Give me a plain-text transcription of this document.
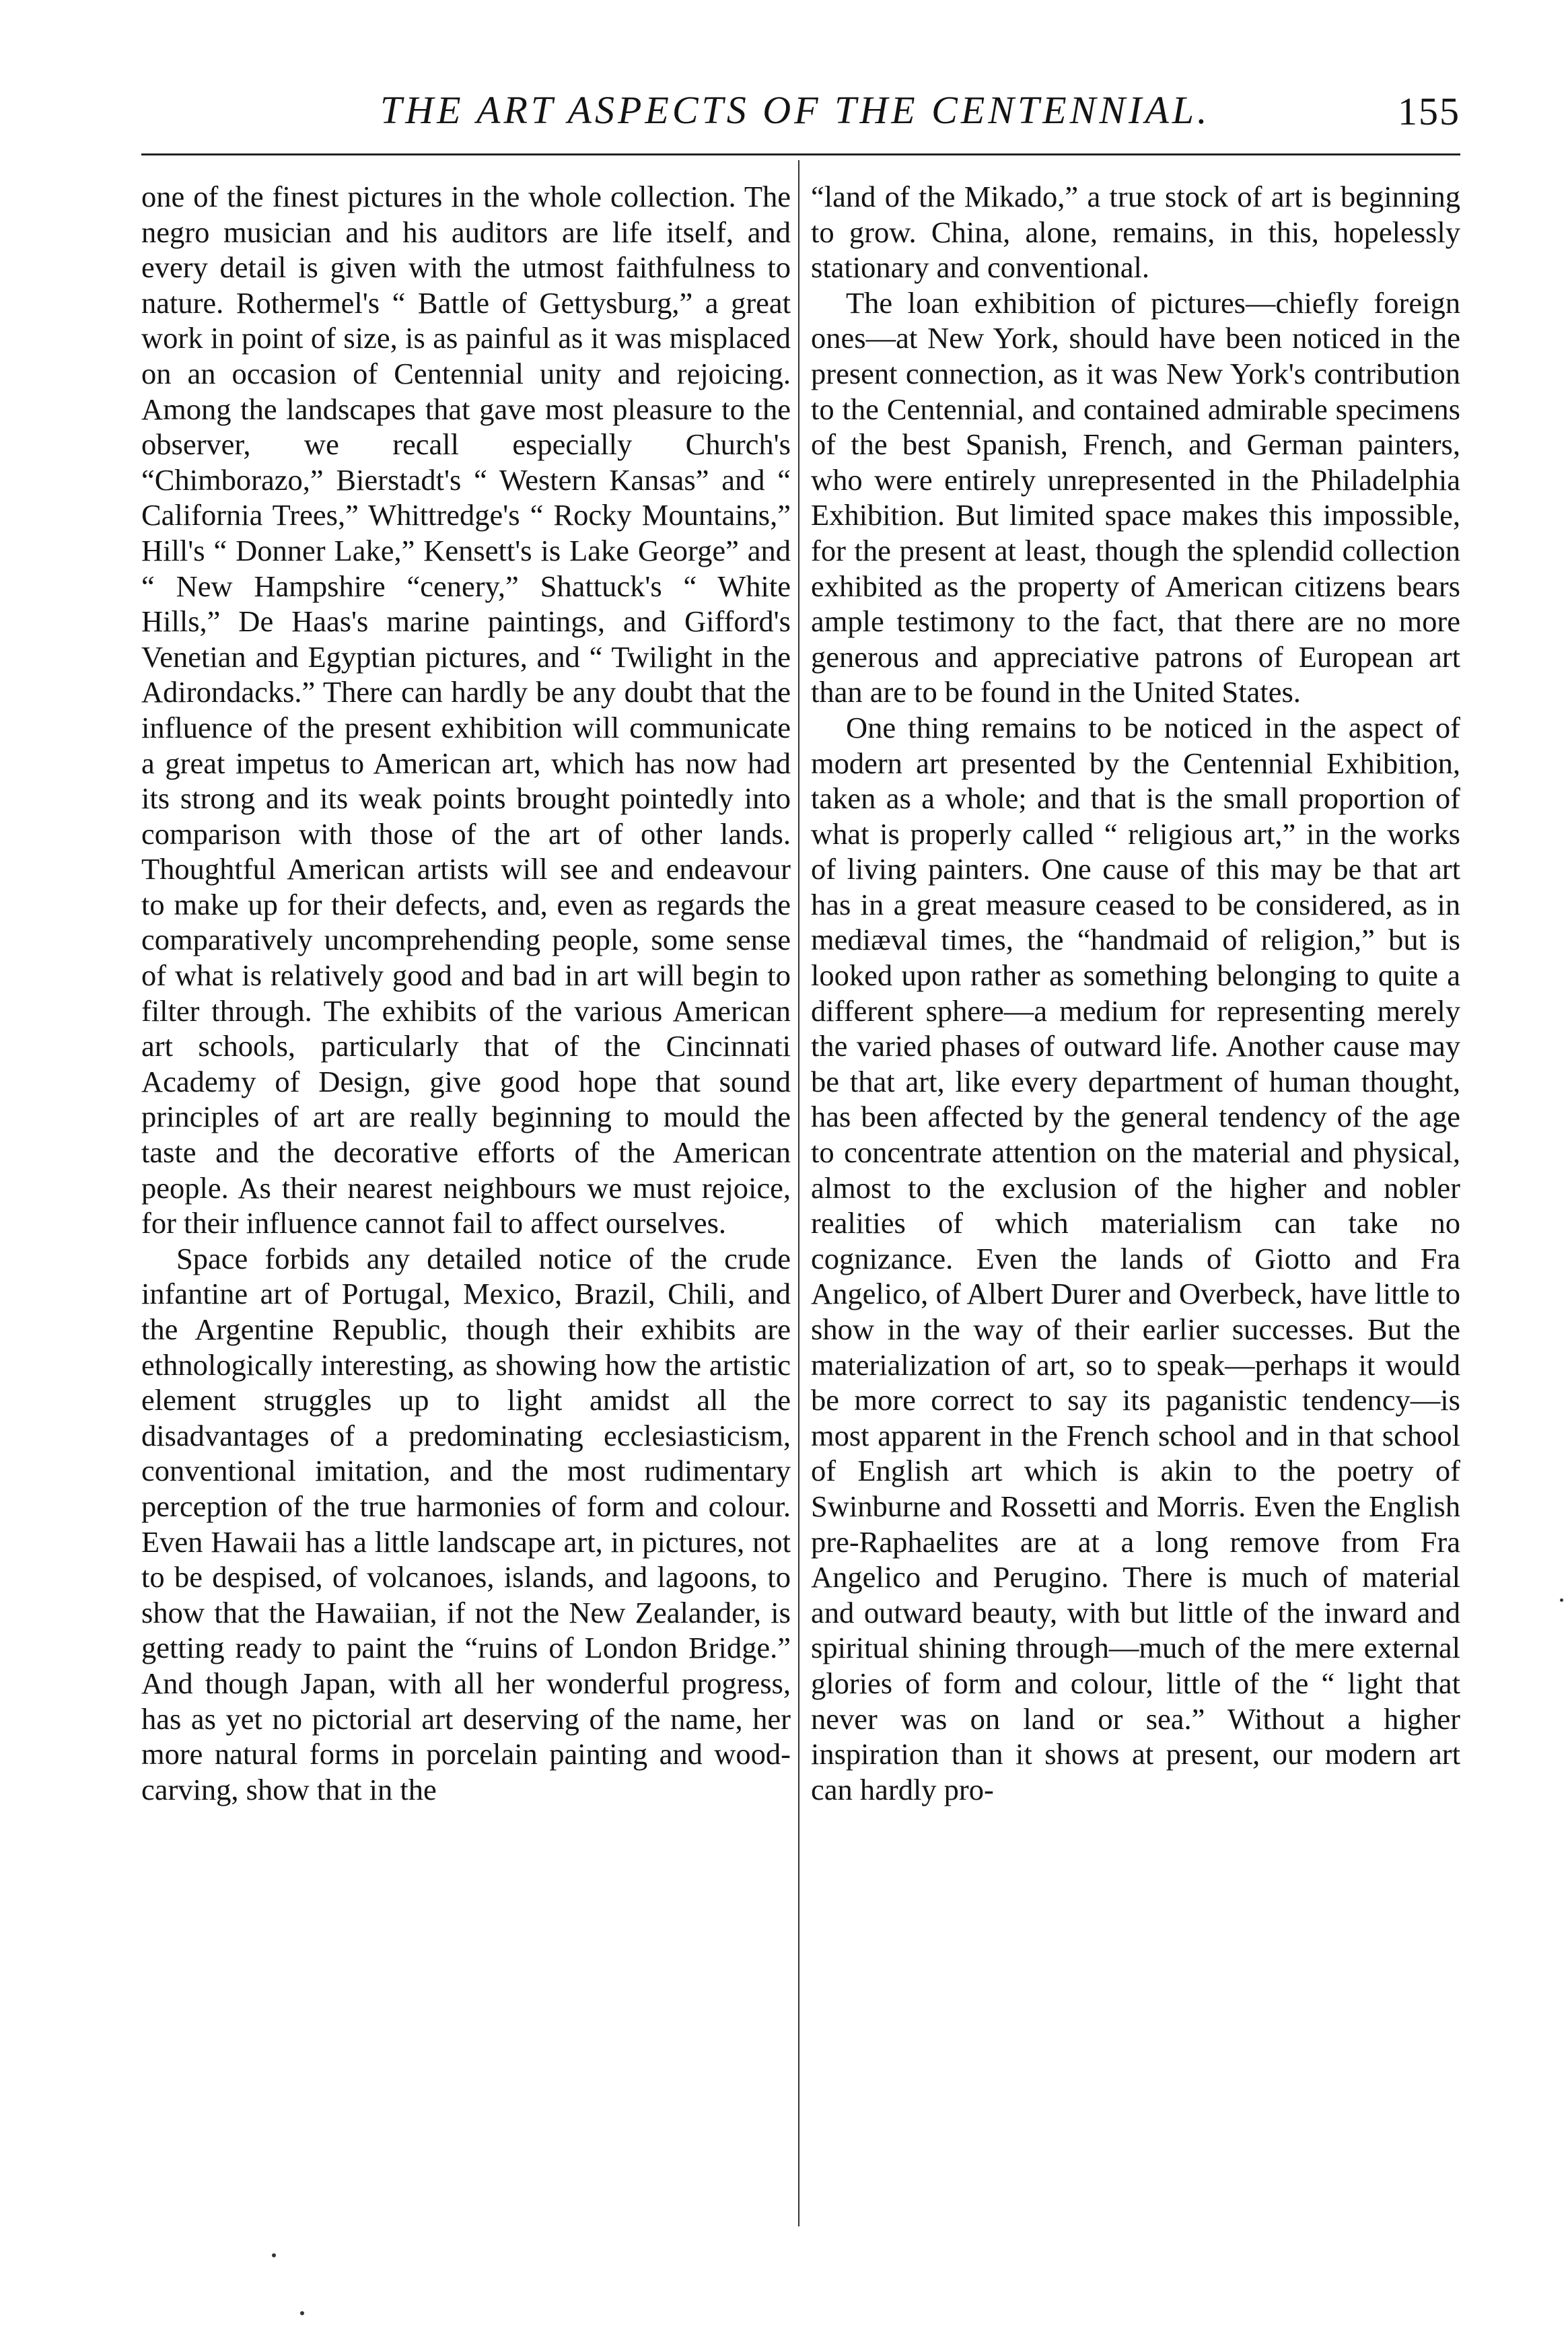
THE ART ASPECTS OF THE CENTENNIAL.	155

one of the finest pictures in the whole collection. The negro musician and his auditors are life itself, and every detail is given with the utmost faithfulness to nature. Rothermel's “ Battle of Gettysburg,” a great work in point of size, is as painful as it was misplaced on an occasion of Centennial unity and rejoicing. Among the landscapes that gave most pleasure to the observer, we recall especially Church's “Chimborazo,” Bierstadt's “ Western Kansas” and “ California Trees,” Whittredge's “ Rocky Mountains,” Hill's “ Donner Lake,” Kensett's is Lake George” and “ New Hampshire “cenery,” Shattuck's “ White Hills,” De Haas's marine paintings, and Gifford's Venetian and Egyptian pictures, and “ Twilight in the Adirondacks.” There can hardly be any doubt that the influence of the present exhibition will communicate a great impetus to American art, which has now had its strong and its weak points brought pointedly into comparison with those of the art of other lands. Thoughtful American artists will see and endeavour to make up for their defects, and, even as regards the comparatively uncomprehending people, some sense of what is relatively good and bad in art will begin to filter through. The exhibits of the various American art schools, particularly that of the Cincinnati Academy of Design, give good hope that sound principles of art are really beginning to mould the taste and the decorative efforts of the American people. As their nearest neighbours we must rejoice, for their influence cannot fail to affect ourselves.

Space forbids any detailed notice of the crude infantine art of Portugal, Mexico, Brazil, Chili, and the Argentine Republic, though their exhibits are ethnologically interesting, as showing how the artistic element struggles up to light amidst all the disadvantages of a predominating ecclesiasticism, conventional imitation, and the most rudimentary perception of the true harmonies of form and colour. Even Hawaii has a little landscape art, in pictures, not to be despised, of volcanoes, islands, and lagoons, to show that the Hawaiian, if not the New Zealander, is getting ready to paint the “ruins of London Bridge.” And though Japan, with all her wonderful progress, has as yet no pictorial art deserving of the name, her more natural forms in porcelain painting and wood-carving, show that in the

“land of the Mikado,” a true stock of art is beginning to grow. China, alone, remains, in this, hopelessly stationary and conventional.

The loan exhibition of pictures—chiefly foreign ones—at New York, should have been noticed in the present connection, as it was New York's contribution to the Centennial, and contained admirable specimens of the best Spanish, French, and German painters, who were entirely unrepresented in the Philadelphia Exhibition. But limited space makes this impossible, for the present at least, though the splendid collection exhibited as the property of American citizens bears ample testimony to the fact, that there are no more generous and appreciative patrons of European art than are to be found in the United States.

One thing remains to be noticed in the aspect of modern art presented by the Centennial Exhibition, taken as a whole; and that is the small proportion of what is properly called “ religious art,” in the works of living painters. One cause of this may be that art has in a great measure ceased to be considered, as in mediæval times, the “handmaid of religion,” but is looked upon rather as something belonging to quite a different sphere—a medium for representing merely the varied phases of outward life. Another cause may be that art, like every department of human thought, has been affected by the general tendency of the age to concentrate attention on the material and physical, almost to the exclusion of the higher and nobler realities of which materialism can take no cognizance. Even the lands of Giotto and Fra Angelico, of Albert Durer and Overbeck, have little to show in the way of their earlier successes. But the materialization of art, so to speak—perhaps it would be more correct to say its paganistic tendency—is most apparent in the French school and in that school of English art which is akin to the poetry of Swinburne and Rossetti and Morris. Even the English pre-Raphaelites are at a long remove from Fra Angelico and Perugino. There is much of material and outward beauty, with but little of the inward and spiritual shining through—much of the mere external glories of form and colour, little of the “ light that never was on land or sea.” Without a higher inspiration than it shows at present, our modern art can hardly pro-
